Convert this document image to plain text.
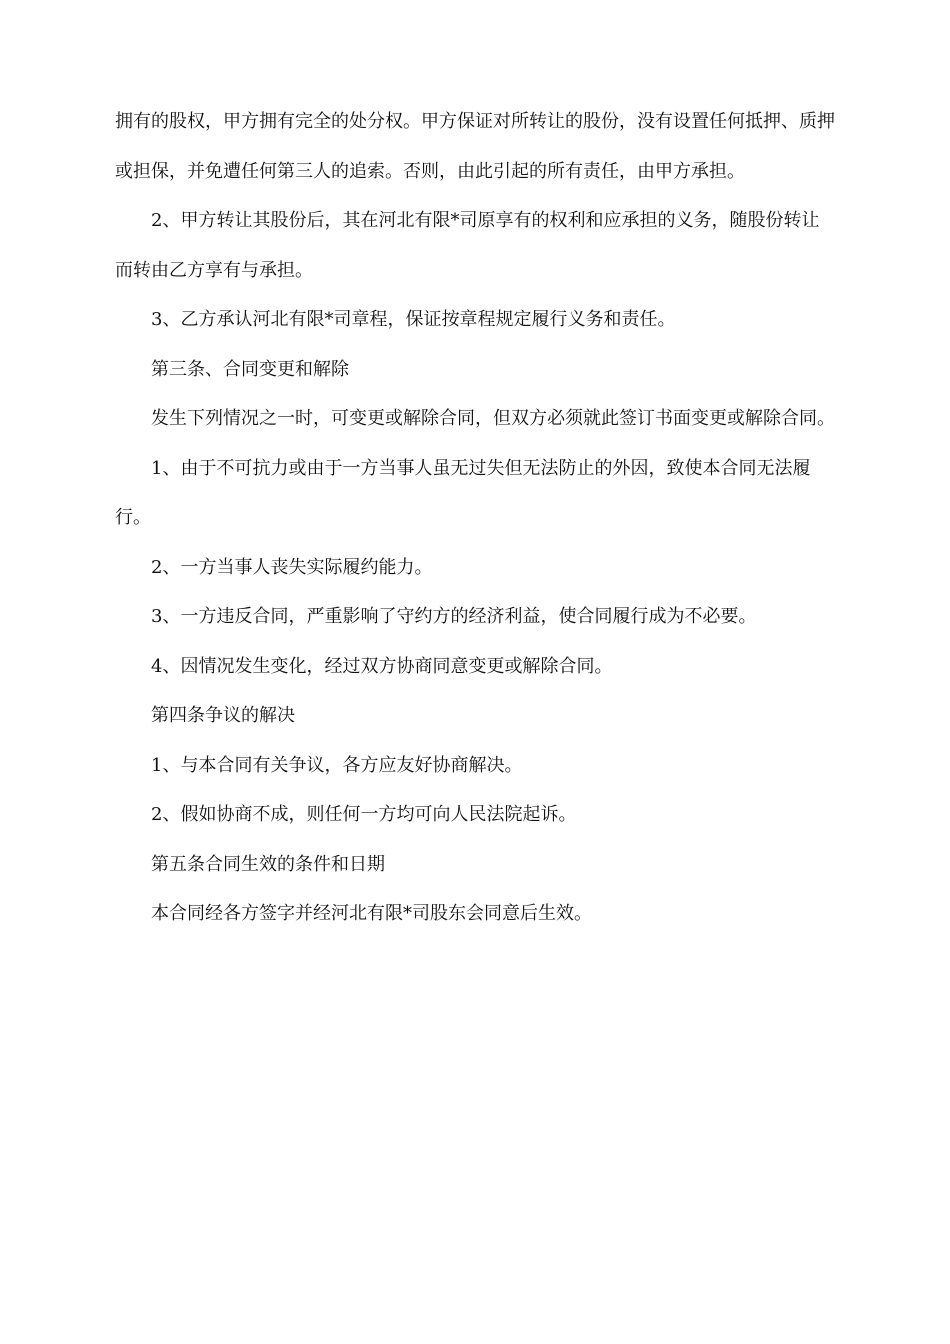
拥有的股权，甲方拥有完全的处分权。甲方保证对所转让的股份，没有设置任何抵押、质押或担保，并免遭任何第三人的追索。否则，由此引起的所有责任，由甲方承担。

2、甲方转让其股份后，其在河北有限*司原享有的权利和应承担的义务，随股份转让而转由乙方享有与承担。

3、乙方承认河北有限*司章程，保证按章程规定履行义务和责任。

第三条、合同变更和解除

发生下列情况之一时，可变更或解除合同，但双方必须就此签订书面变更或解除合同。

1、由于不可抗力或由于一方当事人虽无过失但无法防止的外因，致使本合同无法履行。

2、一方当事人丧失实际履约能力。

3、一方违反合同，严重影响了守约方的经济利益，使合同履行成为不必要。

4、因情况发生变化，经过双方协商同意变更或解除合同。

第四条争议的解决

1、与本合同有关争议，各方应友好协商解决。

2、假如协商不成，则任何一方均可向人民法院起诉。

第五条合同生效的条件和日期

本合同经各方签字并经河北有限*司股东会同意后生效。
